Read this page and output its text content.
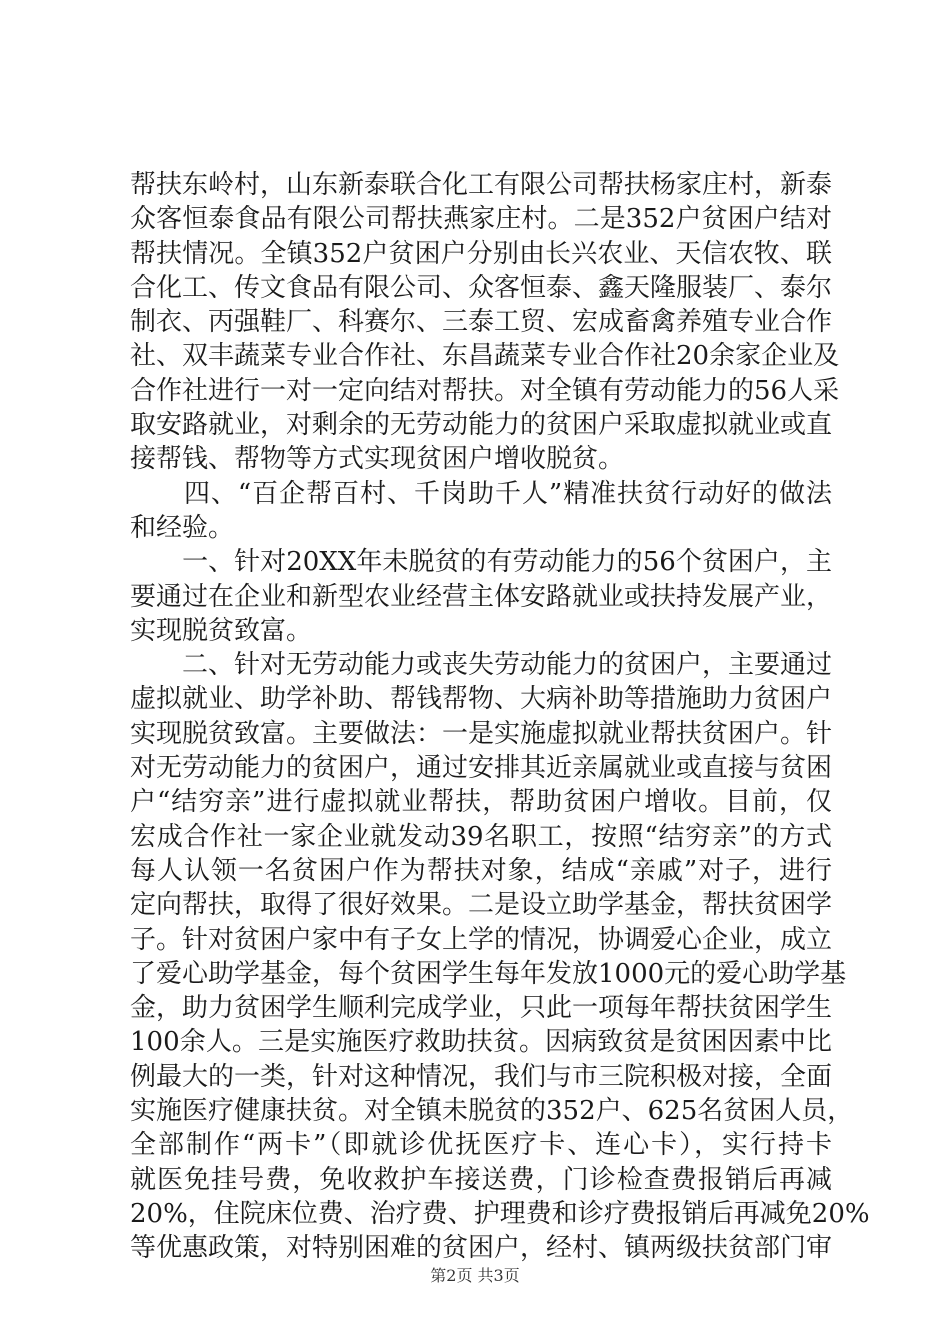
帮扶东岭村，山东新泰联合化工有限公司帮扶杨家庄村，新泰
众客恒泰食品有限公司帮扶燕家庄村。二是352户贫困户结对
帮扶情况。全镇352户贫困户分别由长兴农业、天信农牧、联
合化工、传文食品有限公司、众客恒泰、鑫天隆服装厂、泰尔
制衣、丙强鞋厂、科赛尔、三泰工贸、宏成畜禽养殖专业合作
社、双丰蔬菜专业合作社、东昌蔬菜专业合作社20余家企业及
合作社进行一对一定向结对帮扶。对全镇有劳动能力的56人采
取安路就业，对剩余的无劳动能力的贫困户采取虚拟就业或直
接帮钱、帮物等方式实现贫困户增收脱贫。
　　四、“百企帮百村、千岗助千人”精准扶贫行动好的做法
和经验。
　　一、针对20XX年未脱贫的有劳动能力的56个贫困户，主
要通过在企业和新型农业经营主体安路就业或扶持发展产业，
实现脱贫致富。
　　二、针对无劳动能力或丧失劳动能力的贫困户，主要通过
虚拟就业、助学补助、帮钱帮物、大病补助等措施助力贫困户
实现脱贫致富。主要做法：一是实施虚拟就业帮扶贫困户。针
对无劳动能力的贫困户，通过安排其近亲属就业或直接与贫困
户“结穷亲”进行虚拟就业帮扶，帮助贫困户增收。目前，仅
宏成合作社一家企业就发动39名职工，按照“结穷亲”的方式
每人认领一名贫困户作为帮扶对象，结成“亲戚”对子，进行
定向帮扶，取得了很好效果。二是设立助学基金，帮扶贫困学
子。针对贫困户家中有子女上学的情况，协调爱心企业，成立
了爱心助学基金，每个贫困学生每年发放1000元的爱心助学基
金，助力贫困学生顺利完成学业，只此一项每年帮扶贫困学生
100余人。三是实施医疗救助扶贫。因病致贫是贫困因素中比
例最大的一类，针对这种情况，我们与市三院积极对接，全面
实施医疗健康扶贫。对全镇未脱贫的352户、625名贫困人员，
全部制作“两卡”（即就诊优抚医疗卡、连心卡），实行持卡
就医免挂号费，免收救护车接送费，门诊检查费报销后再减
20%，住院床位费、治疗费、护理费和诊疗费报销后再减免20%
等优惠政策，对特别困难的贫困户，经村、镇两级扶贫部门审
第2页 共3页
